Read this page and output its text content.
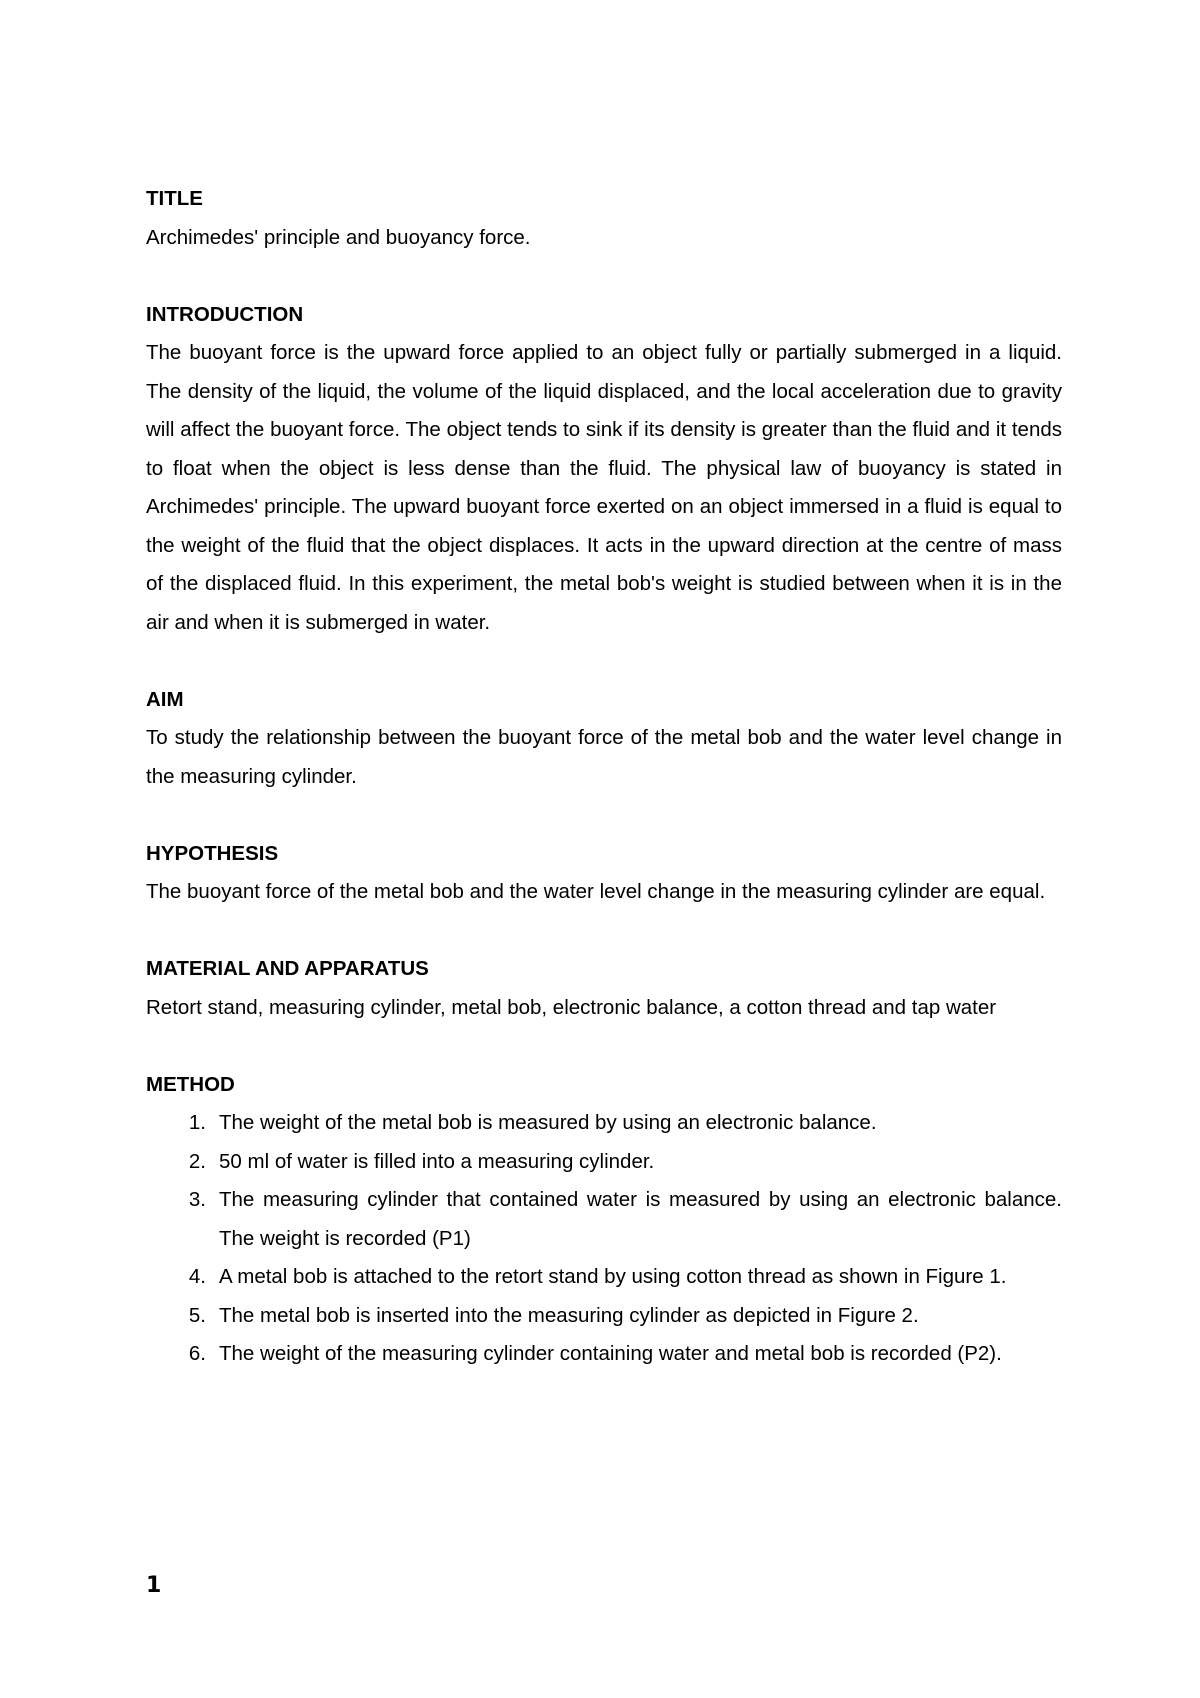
TITLE

Archimedes' principle and buoyancy force.

INTRODUCTION

The buoyant force is the upward force applied to an object fully or partially submerged in a liquid. The density of the liquid, the volume of the liquid displaced, and the local acceleration due to gravity will affect the buoyant force. The object tends to sink if its density is greater than the fluid and it tends to float when the object is less dense than the fluid. The physical law of buoyancy is stated in Archimedes' principle. The upward buoyant force exerted on an object immersed in a fluid is equal to the weight of the fluid that the object displaces. It acts in the upward direction at the centre of mass of the displaced fluid. In this experiment, the metal bob's weight is studied between when it is in the air and when it is submerged in water.

AIM

To study the relationship between the buoyant force of the metal bob and the water level change in the measuring cylinder.

HYPOTHESIS

The buoyant force of the metal bob and the water level change in the measuring cylinder are equal.

MATERIAL AND APPARATUS

Retort stand, measuring cylinder, metal bob, electronic balance, a cotton thread and tap water

METHOD

1. The weight of the metal bob is measured by using an electronic balance.
2. 50 ml of water is filled into a measuring cylinder.
3. The measuring cylinder that contained water is measured by using an electronic balance. The weight is recorded (P1)
4. A metal bob is attached to the retort stand by using cotton thread as shown in Figure 1.
5. The metal bob is inserted into the measuring cylinder as depicted in Figure 2.
6. The weight of the measuring cylinder containing water and metal bob is recorded (P2).
1
